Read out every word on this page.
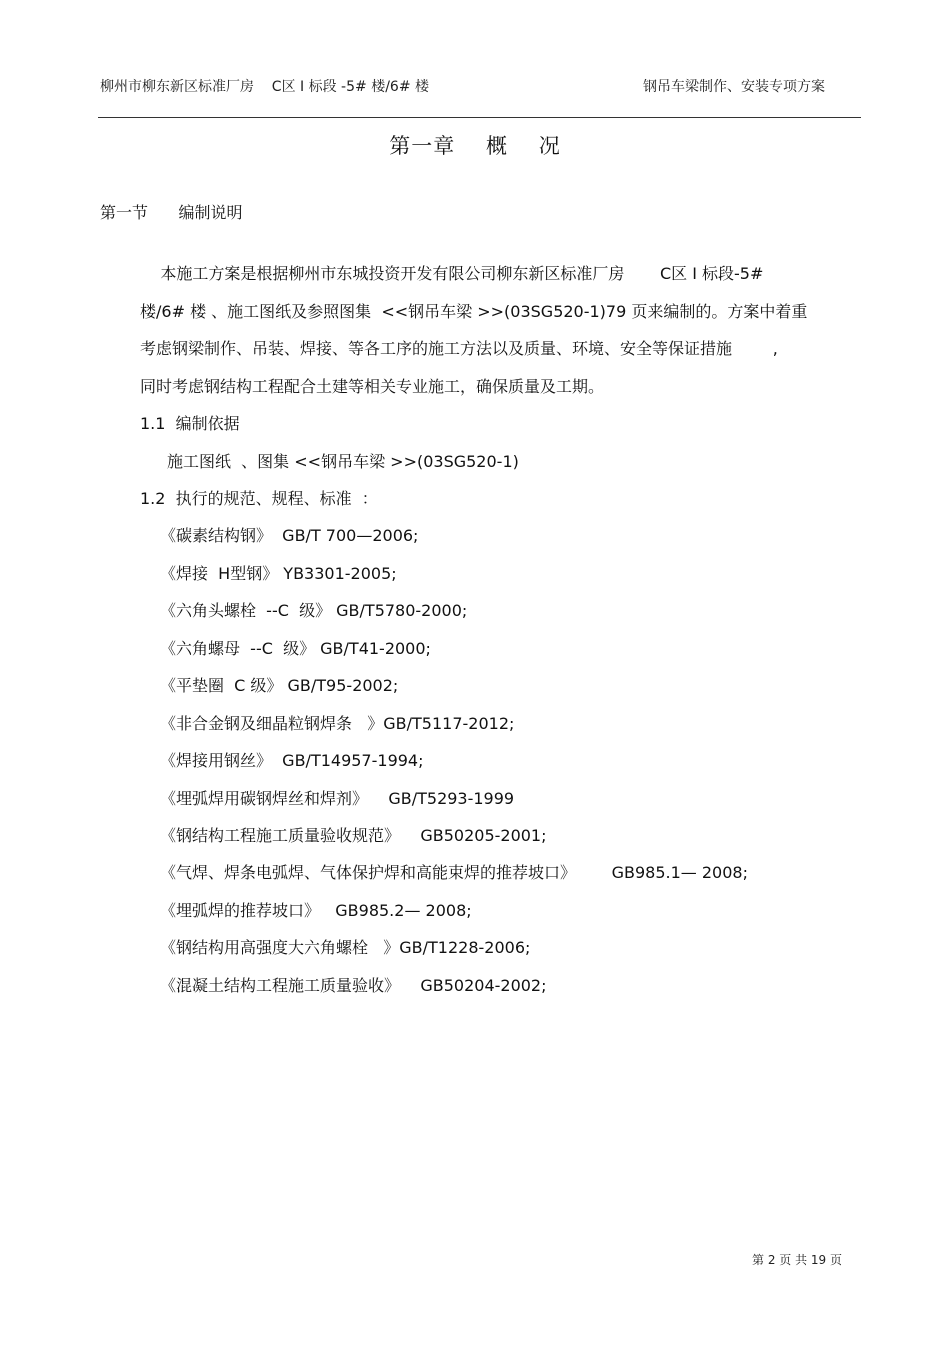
柳州市柳东新区标准厂房    C区 I 标段 -5# 楼/6# 楼	钢吊车梁制作、安装专项方案
第一章    概    况
第一节      编制说明
本施工方案是根据柳州市东城投资开发有限公司柳东新区标准厂房       C区 I 标段-5#
楼/6# 楼 、施工图纸及参照图集  <<钢吊车梁 >>(03SG520-1)79 页来编制的。方案中着重
考虑钢梁制作、吊装、焊接、等各工序的施工方法以及质量、环境、安全等保证措施        ,
同时考虑钢结构工程配合土建等相关专业施工，确保质量及工期。
1.1  编制依据
施工图纸  、图集 <<钢吊车梁 >>(03SG520-1)
1.2  执行的规范、规程、标准  ：
《碳素结构钢》  GB/T 700—2006;
《焊接  H型钢》 YB3301-2005;
《六角头螺栓  --C  级》 GB/T5780-2000;
《六角螺母  --C  级》 GB/T41-2000;
《平垫圈  C 级》 GB/T95-2002;
《非合金钢及细晶粒钢焊条   》GB/T5117-2012;
《焊接用钢丝》  GB/T14957-1994;
《埋弧焊用碳钢焊丝和焊剂》    GB/T5293-1999
《钢结构工程施工质量验收规范》    GB50205-2001;
《气焊、焊条电弧焊、气体保护焊和高能束焊的推荐坡口》       GB985.1— 2008;
《埋弧焊的推荐坡口》   GB985.2— 2008;
《钢结构用高强度大六角螺栓   》GB/T1228-2006;
《混凝土结构工程施工质量验收》    GB50204-2002;
第 2 页 共 19 页
